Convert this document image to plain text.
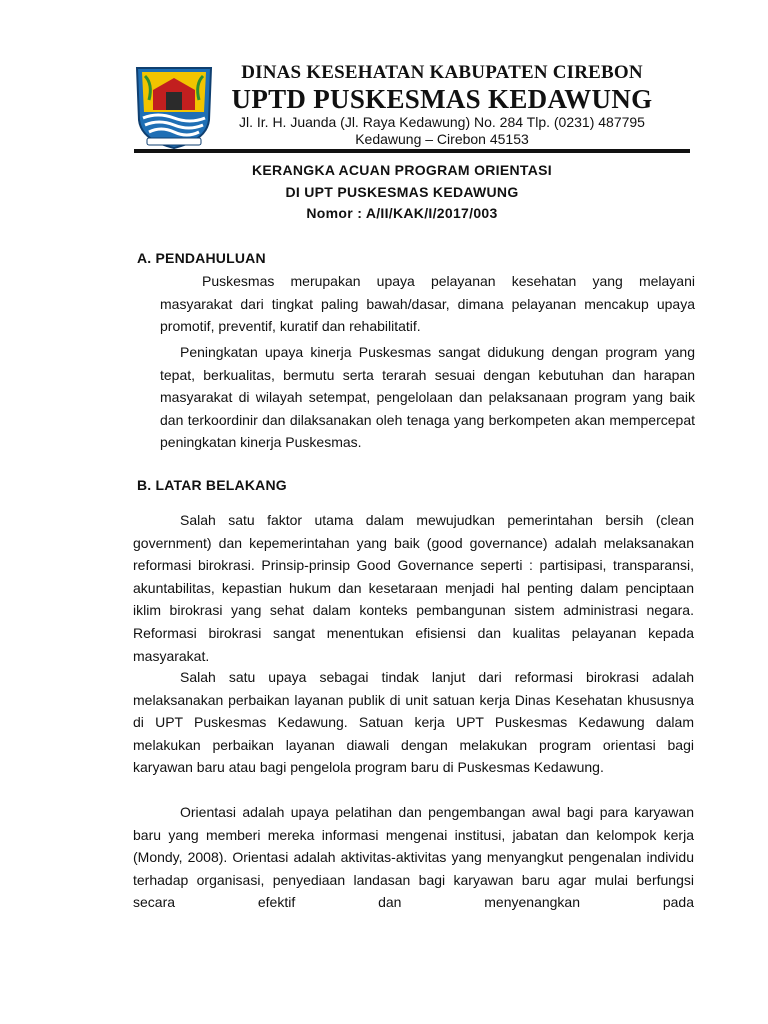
DINAS KESEHATAN KABUPATEN CIREBON
UPTD PUSKESMAS KEDAWUNG
Jl. Ir. H. Juanda (Jl. Raya Kedawung) No. 284 Tlp. (0231) 487795
Kedawung – Cirebon 45153
KERANGKA ACUAN PROGRAM ORIENTASI
DI UPT PUSKESMAS KEDAWUNG
Nomor : A/II/KAK/I/2017/003
A. PENDAHULUAN

Puskesmas merupakan upaya pelayanan kesehatan yang melayani masyarakat dari tingkat paling bawah/dasar, dimana pelayanan mencakup upaya promotif, preventif, kuratif dan rehabilitatif.

Peningkatan upaya kinerja Puskesmas sangat didukung dengan program yang tepat, berkualitas, bermutu serta terarah sesuai dengan kebutuhan dan harapan masyarakat di wilayah setempat, pengelolaan dan pelaksanaan program yang baik dan terkoordinir dan dilaksanakan oleh tenaga yang berkompeten akan mempercepat peningkatan kinerja Puskesmas.

B. LATAR BELAKANG

Salah satu faktor utama dalam mewujudkan pemerintahan bersih (clean government) dan kepemerintahan yang baik (good governance) adalah melaksanakan reformasi birokrasi. Prinsip-prinsip Good Governance seperti : partisipasi, transparansi, akuntabilitas, kepastian hukum dan kesetaraan menjadi hal penting dalam penciptaan iklim birokrasi yang sehat dalam konteks pembangunan sistem administrasi negara. Reformasi birokrasi sangat menentukan efisiensi dan kualitas pelayanan kepada masyarakat.

Salah satu upaya sebagai tindak lanjut dari reformasi birokrasi adalah melaksanakan perbaikan layanan publik di unit satuan kerja Dinas Kesehatan khususnya di UPT Puskesmas Kedawung. Satuan kerja UPT Puskesmas Kedawung dalam melakukan perbaikan layanan diawali dengan melakukan program orientasi bagi karyawan baru atau bagi pengelola program baru di Puskesmas Kedawung.

Orientasi adalah upaya pelatihan dan pengembangan awal bagi para karyawan baru yang memberi mereka informasi mengenai institusi, jabatan dan kelompok kerja (Mondy, 2008). Orientasi adalah aktivitas-aktivitas yang menyangkut pengenalan individu terhadap organisasi, penyediaan landasan bagi karyawan baru agar mulai berfungsi secara efektif dan menyenangkan pada
